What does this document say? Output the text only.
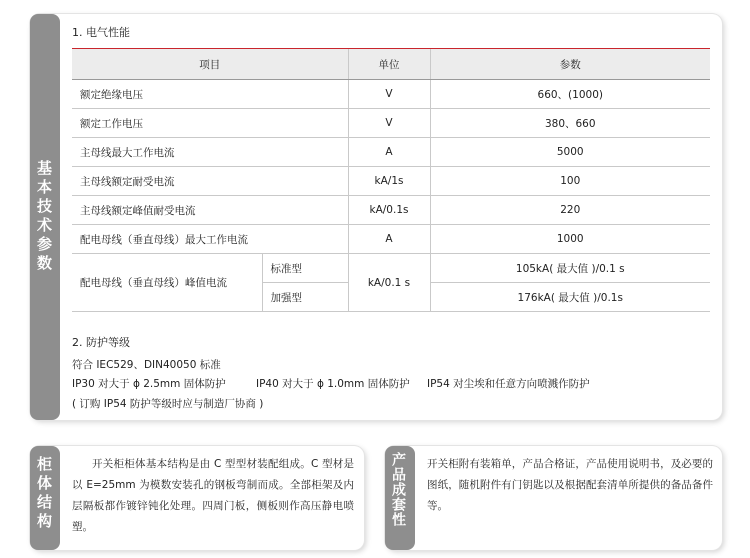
基本技术参数
1. 电气性能
项目		单位	参数
额定绝缘电压		V	660、(1000)
额定工作电压		V	380、660
主母线最大工作电流		A	5000
主母线额定耐受电流		kA/1s	100
主母线额定峰值耐受电流		kA/0.1s	220
配电母线（垂直母线）最大工作电流		A	1000
配电母线（垂直母线）峰值电流	标准型	kA/0.1 s	105kA( 最大值 )/0.1 s
	加强型		176kA( 最大值 )/0.1s
2. 防护等级
符合 IEC529、DIN40050 标准
IP30 对大于 ϕ 2.5mm 固体防护	IP40 对大于 ϕ 1.0mm 固体防护 IP54 对尘埃和任意方向喷溅作防护
( 订购 IP54 防护等级时应与制造厂协商 )
柜体结构	开关柜柜体基本结构是由 C 型型材装配组成。C 型材是以 E=25mm 为模数安装孔的钢板弯制而成。全部柜架及内层隔板都作镀锌钝化处理。四周门板，侧板则作高压静电喷塑。	产品成套性 开关柜附有装箱单，产品合格证，产品使用说明书，及必要的图纸，随机附件有门钥匙以及根据配套清单所提供的备品备件等。
